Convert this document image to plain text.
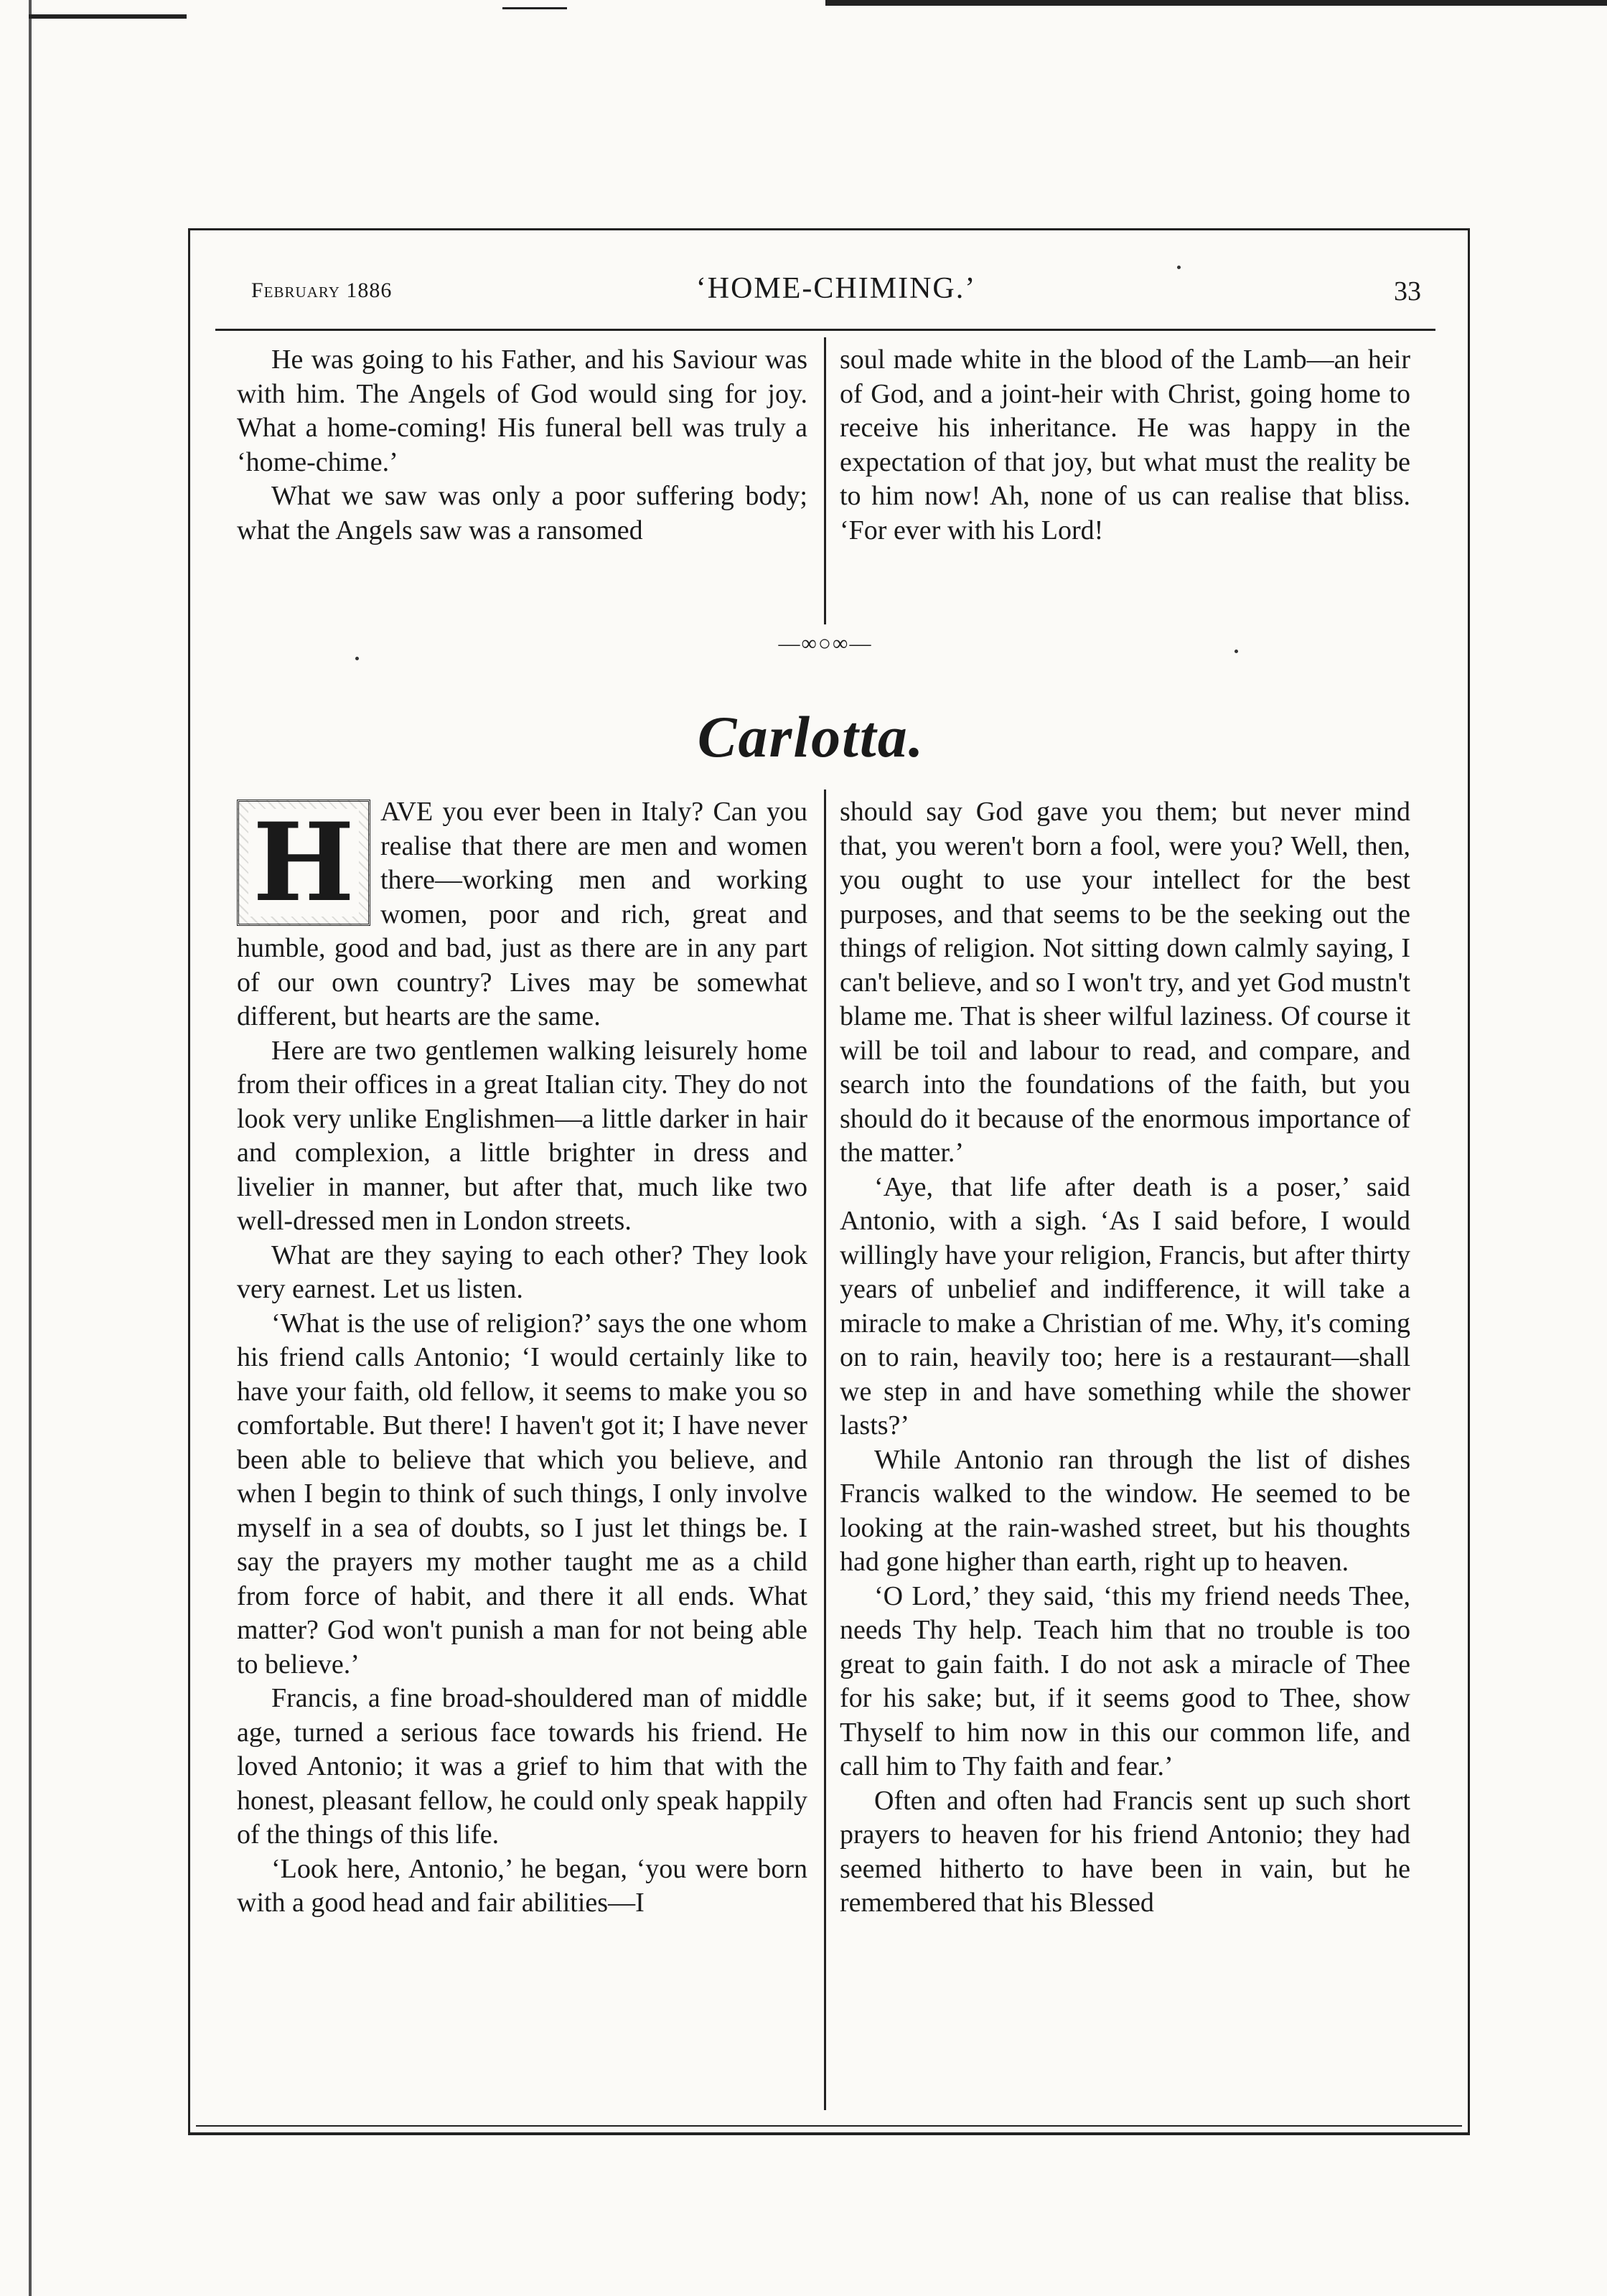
February 1886	‘HOME-CHIMING.’	33

He was going to his Father, and his Saviour was with him. The Angels of God would sing for joy. What a home-coming! His funeral bell was truly a ‘home-chime.’

What we saw was only a poor suffering body; what the Angels saw was a ransomed

soul made white in the blood of the Lamb—an heir of God, and a joint-heir with Christ, going home to receive his inheritance. He was happy in the expectation of that joy, but what must the reality be to him now! Ah, none of us can realise that bliss. ‘For ever with his Lord!

—∞○∞—
Carlotta.

H AVE you ever been in Italy? Can you realise that there are men and women there—working men and working women, poor and rich, great and humble, good and bad, just as there are in any part of our own country? Lives may be somewhat different, but hearts are the same.

Here are two gentlemen walking leisurely home from their offices in a great Italian city. They do not look very unlike Englishmen—a little darker in hair and complexion, a little brighter in dress and livelier in manner, but after that, much like two well-dressed men in London streets.

What are they saying to each other? They look very earnest. Let us listen.

‘What is the use of religion?’ says the one whom his friend calls Antonio; ‘I would certainly like to have your faith, old fellow, it seems to make you so comfortable. But there! I haven't got it; I have never been able to believe that which you believe, and when I begin to think of such things, I only involve myself in a sea of doubts, so I just let things be. I say the prayers my mother taught me as a child from force of habit, and there it all ends. What matter? God won't punish a man for not being able to believe.’

Francis, a fine broad-shouldered man of middle age, turned a serious face towards his friend. He loved Antonio; it was a grief to him that with the honest, pleasant fellow, he could only speak happily of the things of this life.

‘Look here, Antonio,’ he began, ‘you were born with a good head and fair abilities—I

should say God gave you them; but never mind that, you weren't born a fool, were you? Well, then, you ought to use your intellect for the best purposes, and that seems to be the seeking out the things of religion. Not sitting down calmly saying, I can't believe, and so I won't try, and yet God mustn't blame me. That is sheer wilful laziness. Of course it will be toil and labour to read, and compare, and search into the foundations of the faith, but you should do it because of the enormous importance of the matter.’

‘Aye, that life after death is a poser,’ said Antonio, with a sigh. ‘As I said before, I would willingly have your religion, Francis, but after thirty years of unbelief and indifference, it will take a miracle to make a Christian of me. Why, it's coming on to rain, heavily too; here is a restaurant—shall we step in and have something while the shower lasts?’

While Antonio ran through the list of dishes Francis walked to the window. He seemed to be looking at the rain-washed street, but his thoughts had gone higher than earth, right up to heaven.

‘O Lord,’ they said, ‘this my friend needs Thee, needs Thy help. Teach him that no trouble is too great to gain faith. I do not ask a miracle of Thee for his sake; but, if it seems good to Thee, show Thyself to him now in this our common life, and call him to Thy faith and fear.’

Often and often had Francis sent up such short prayers to heaven for his friend Antonio; they had seemed hitherto to have been in vain, but he remembered that his Blessed
